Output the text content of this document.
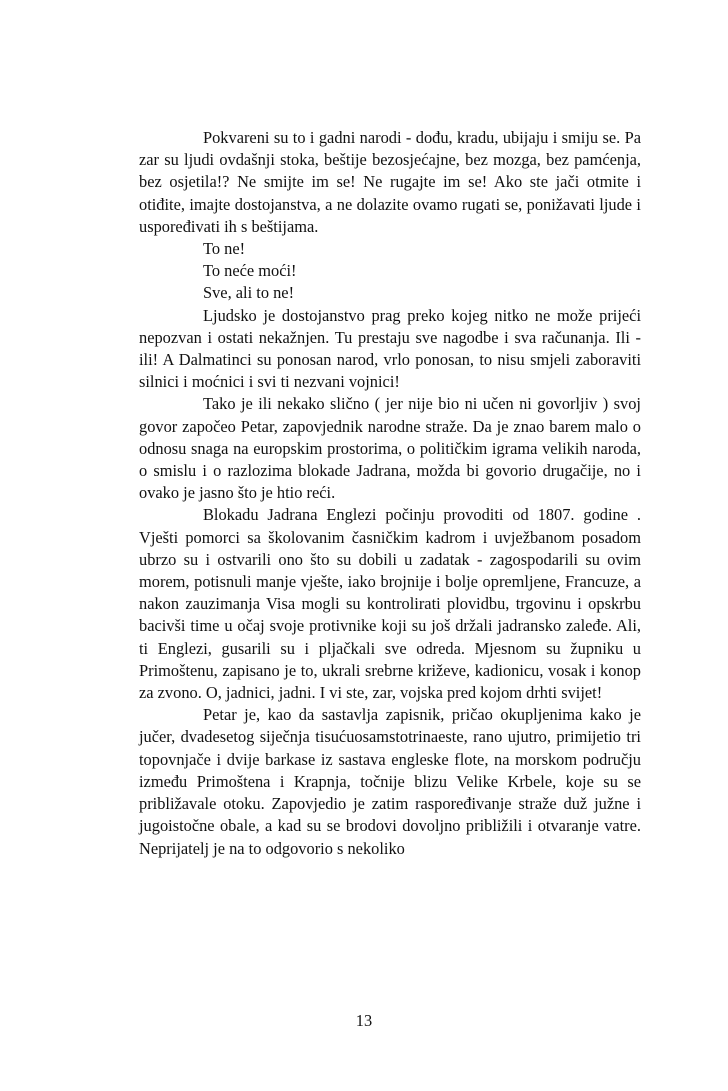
Pokvareni su to i gadni narodi - dođu, kradu, ubijaju i smiju se. Pa zar su ljudi ovdašnji stoka, beštije bezosjećajne, bez mozga, bez pamćenja, bez osjetila!? Ne smijte im se! Ne rugajte im se! Ako ste jači otmite i otiđite, imajte dostojanstva, a ne dolazite ovamo rugati se, ponižavati ljude i uspoređivati ih s beštijama.

To ne!

To neće moći!

Sve, ali to ne!

Ljudsko je dostojanstvo prag preko kojeg nitko ne može prijeći nepozvan i ostati nekažnjen. Tu prestaju sve nagodbe i sva računanja. Ili - ili! A Dalmatinci su ponosan narod, vrlo ponosan, to nisu smjeli zaboraviti silnici i moćnici i svi ti nezvani vojnici!

Tako je ili nekako slično ( jer nije bio ni učen ni govorljiv ) svoj govor započeo Petar, zapovjednik narodne straže. Da je znao barem malo o odnosu snaga na europskim prostorima, o političkim igrama velikih naroda, o smislu i o razlozima blokade Jadrana, možda bi govorio drugačije, no i ovako je jasno što je htio reći.

Blokadu Jadrana Englezi počinju provoditi od 1807. godine . Vješti pomorci sa školovanim časničkim kadrom i uvježbanom posadom ubrzo su i ostvarili ono što su dobili u zadatak - zagospodarili su ovim morem, potisnuli manje vješte, iako brojnije i bolje opremljene, Francuze, a nakon zauzimanja Visa mogli su kontrolirati plovidbu, trgovinu i opskrbu bacivši time u očaj svoje protivnike koji su još držali jadransko zaleđe. Ali, ti Englezi, gusarili su i pljačkali sve odreda. Mjesnom su župniku u Primoštenu, zapisano je to, ukrali srebrne križeve, kadionicu, vosak i konop za zvono. O, jadnici, jadni. I vi ste, zar, vojska pred kojom drhti svijet!

Petar je, kao da sastavlja zapisnik, pričao okupljenima kako je jučer, dvadesetog siječnja tisućuosamstotrinaeste, rano ujutro, primijetio tri topovnjače i dvije barkase iz sastava engleske flote, na morskom području između Primoštena i Krapnja, točnije blizu Velike Krbele, koje su se približavale otoku. Zapovjedio je zatim raspoređivanje straže duž južne i jugoistočne obale, a kad su se brodovi dovoljno približili i otvaranje vatre. Neprijatelj je na to odgovorio s nekoliko

13
